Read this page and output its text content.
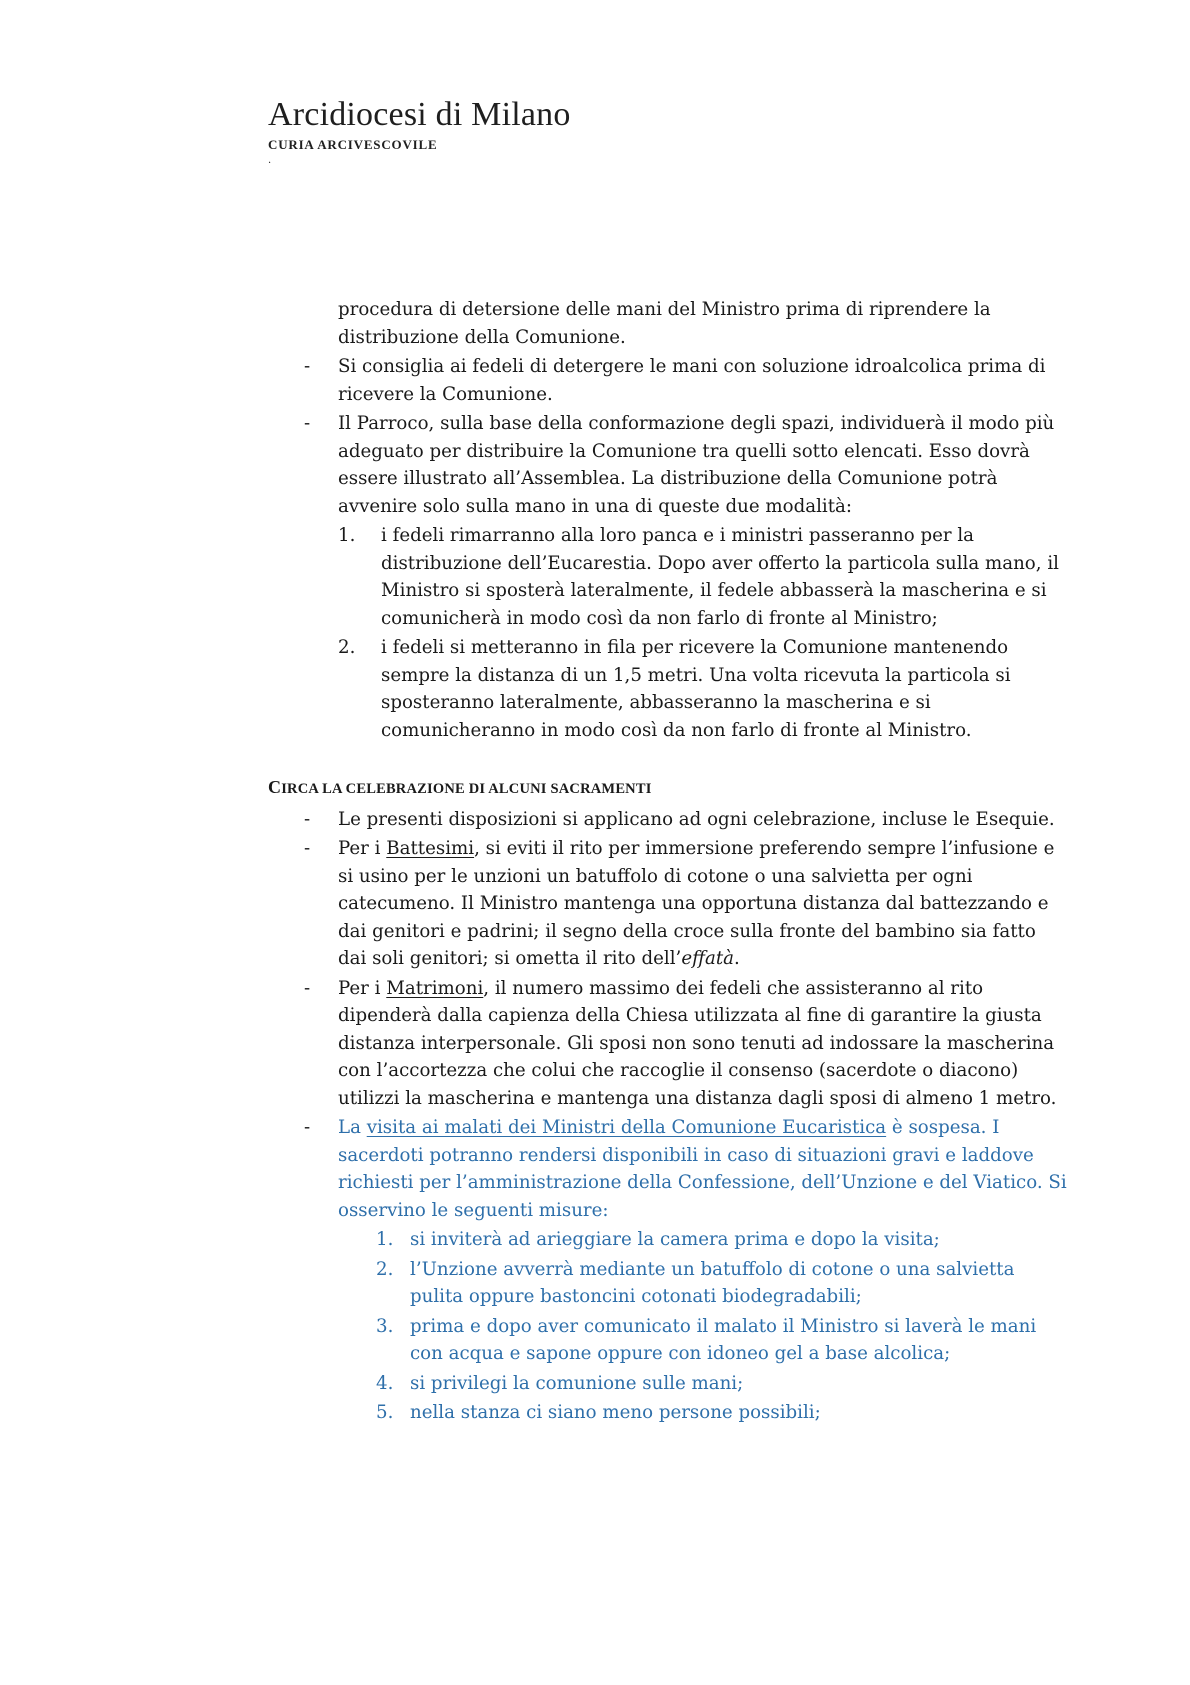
Arcidiocesi di Milano
CURIA ARCIVESCOVILE
.
procedura di detersione delle mani del Ministro prima di riprendere la distribuzione della Comunione.
- Si consiglia ai fedeli di detergere le mani con soluzione idroalcolica prima di ricevere la Comunione.
- Il Parroco, sulla base della conformazione degli spazi, individuerà il modo più adeguato per distribuire la Comunione tra quelli sotto elencati. Esso dovrà essere illustrato all’Assemblea. La distribuzione della Comunione potrà avvenire solo sulla mano in una di queste due modalità:
1. i fedeli rimarranno alla loro panca e i ministri passeranno per la distribuzione dell’Eucarestia. Dopo aver offerto la particola sulla mano, il Ministro si sposterà lateralmente, il fedele abbasserà la mascherina e si comunicherà in modo così da non farlo di fronte al Ministro;
2. i fedeli si metteranno in fila per ricevere la Comunione mantenendo sempre la distanza di un 1,5 metri. Una volta ricevuta la particola si sposteranno lateralmente, abbasseranno la mascherina e si comunicheranno in modo così da non farlo di fronte al Ministro.
CIRCA LA CELEBRAZIONE DI ALCUNI SACRAMENTI
- Le presenti disposizioni si applicano ad ogni celebrazione, incluse le Esequie.
- Per i Battesimi, si eviti il rito per immersione preferendo sempre l’infusione e si usino per le unzioni un batuffolo di cotone o una salvietta per ogni catecumeno. Il Ministro mantenga una opportuna distanza dal battezzando e dai genitori e padrini; il segno della croce sulla fronte del bambino sia fatto dai soli genitori; si ometta il rito dell’effatà.
- Per i Matrimoni, il numero massimo dei fedeli che assisteranno al rito dipenderà dalla capienza della Chiesa utilizzata al fine di garantire la giusta distanza interpersonale. Gli sposi non sono tenuti ad indossare la mascherina con l’accortezza che colui che raccoglie il consenso (sacerdote o diacono) utilizzi la mascherina e mantenga una distanza dagli sposi di almeno 1 metro.
- La visita ai malati dei Ministri della Comunione Eucaristica è sospesa. I sacerdoti potranno rendersi disponibili in caso di situazioni gravi e laddove richiesti per l’amministrazione della Confessione, dell’Unzione e del Viatico. Si osservino le seguenti misure:
1. si inviterà ad arieggiare la camera prima e dopo la visita;
2. l’Unzione avverrà mediante un batuffolo di cotone o una salvietta pulita oppure bastoncini cotonati biodegradabili;
3. prima e dopo aver comunicato il malato il Ministro si laverà le mani con acqua e sapone oppure con idoneo gel a base alcolica;
4. si privilegi la comunione sulle mani;
5. nella stanza ci siano meno persone possibili;
